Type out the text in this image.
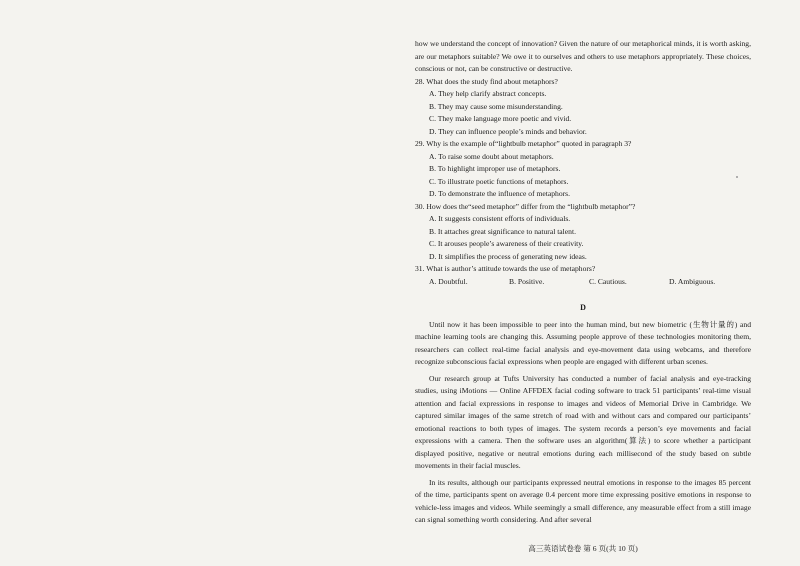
how we understand the concept of innovation? Given the nature of our metaphorical minds, it is worth asking, are our metaphors suitable? We owe it to ourselves and others to use metaphors appropriately. These choices, conscious or not, can be constructive or destructive.

28. What does the study find about metaphors?

A. They help clarify abstract concepts.

B. They may cause some misunderstanding.

C. They make language more poetic and vivid.

D. They can influence people’s minds and behavior.

29. Why is the example of“lightbulb metaphor” quoted in paragraph 3?

A. To raise some doubt about metaphors.

B. To highlight improper use of metaphors.

C. To illustrate poetic functions of metaphors.

D. To demonstrate the influence of metaphors.

30. How does the“seed metaphor” differ from the “lightbulb metaphor”?

A. It suggests consistent efforts of individuals.

B. It attaches great significance to natural talent.

C. It arouses people’s awareness of their creativity.

D. It simplifies the process of generating new ideas.

31. What is author’s attitude towards the use of metaphors?

A. Doubtful.	B. Positive.	C. Cautious.	D. Ambiguous.
D

Until now it has been impossible to peer into the human mind, but new biometric (生物计量的) and machine learning tools are changing this. Assuming people approve of these technologies monitoring them, researchers can collect real-time facial analysis and eye-movement data using webcams, and therefore recognize subconscious facial expressions when people are engaged with different urban scenes.

Our research group at Tufts University has conducted a number of facial analysis and eye-tracking studies, using iMotions — Online AFFDEX facial coding software to track 51 participants’ real-time visual attention and facial expressions in response to images and videos of Memorial Drive in Cambridge. We captured similar images of the same stretch of road with and without cars and compared our participants’ emotional reactions to both types of images. The system records a person’s eye movements and facial expressions with a camera. Then the software uses an algorithm(算法) to score whether a participant displayed positive, negative or neutral emotions during each millisecond of the study based on subtle movements in their facial muscles.

In its results, although our participants expressed neutral emotions in response to the images 85 percent of the time, participants spent on average 0.4 percent more time expressing positive emotions in response to vehicle-less images and videos. While seemingly a small difference, any measurable effect from a still image can signal something worth considering. And after several

高三英语试卷卷 第 6 页(共 10 页)
